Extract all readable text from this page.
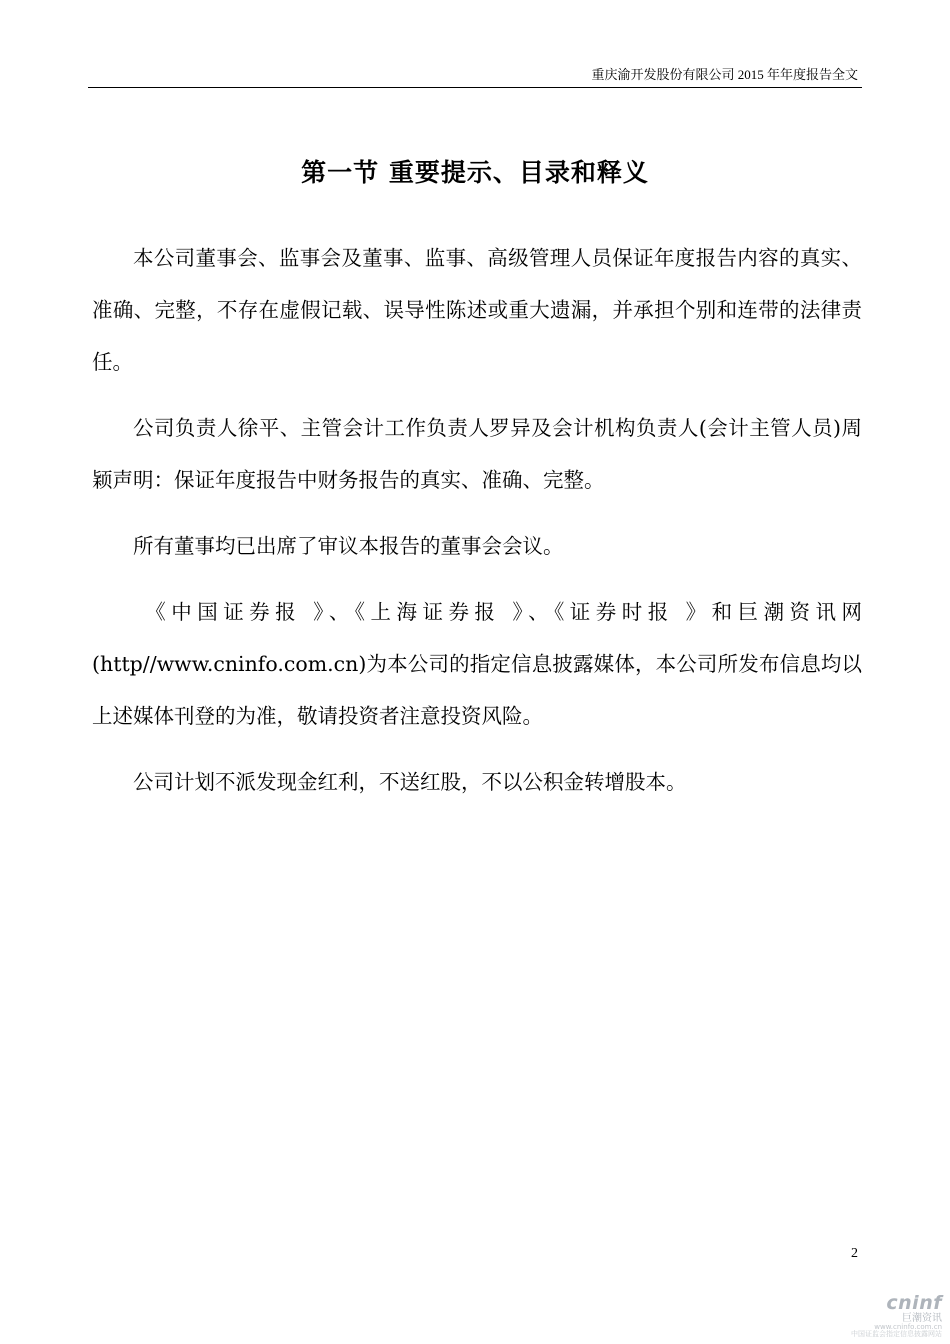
重庆渝开发股份有限公司 2015 年年度报告全文
第一节 重要提示、目录和释义

本公司董事会、监事会及董事、监事、高级管理人员保证年度报告内容的真实、准确、完整，不存在虚假记载、误导性陈述或重大遗漏，并承担个别和连带的法律责任。

公司负责人徐平、主管会计工作负责人罗异及会计机构负责人(会计主管人员)周颖声明：保证年度报告中财务报告的真实、准确、完整。

所有董事均已出席了审议本报告的董事会会议。

《中国证券报 》、《上海证券报 》、《证券时报 》和巨潮资讯网(http//www.cninfo.com.cn)为本公司的指定信息披露媒体，本公司所发布信息均以上述媒体刊登的为准，敬请投资者注意投资风险。

公司计划不派发现金红利，不送红股，不以公积金转增股本。

2
cninf
巨潮资讯
www.cninfo.com.cn
中国证监会指定信息披露网站
